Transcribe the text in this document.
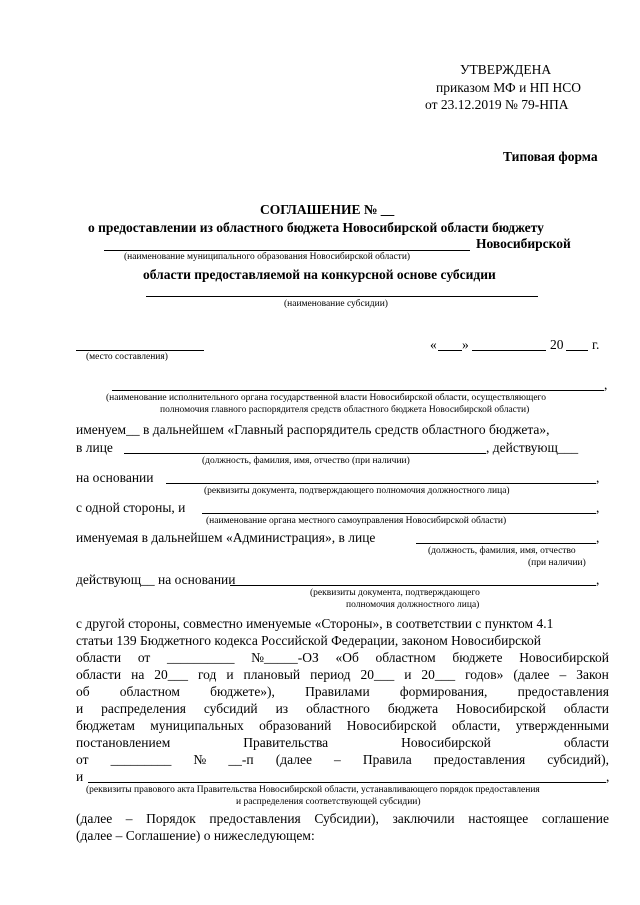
УТВЕРЖДЕНА
приказом МФ и НП НСО
от 23.12.2019 № 79-НПА
Типовая форма
СОГЛАШЕНИЕ № __
о предоставлении из областного бюджета Новосибирской области бюджету
Новосибирской
(наименование муниципального образования Новосибирской области)
области предоставляемой на конкурсной основе субсидии
(наименование субсидии)
(место составления)
« »	20 г.
,
(наименование исполнительного органа государственной власти Новосибирской области, осуществляющего
полномочия главного распорядителя средств областного бюджета Новосибирской области)
именуем__ в дальнейшем «Главный распорядитель средств областного бюджета»,
в лице	, действующ___
(должность, фамилия, имя, отчество (при наличии)
на основании	,
(реквизиты документа, подтверждающего полномочия должностного лица)
с одной стороны, и	,
(наименование органа местного самоуправления Новосибирской области)
именуемая в дальнейшем «Администрация», в лице	,
(должность, фамилия, имя, отчество
(при наличии)
действующ__ на основании	,
(реквизиты документа, подтверждающего
полномочия должностного лица)
с другой стороны, совместно именуемые «Стороны», в соответствии с пунктом 4.1
статьи 139 Бюджетного кодекса Российской Федерации, законом Новосибирской
области от __________ №_____-ОЗ «Об областном бюджете Новосибирской
области на 20___ год и плановый период 20___ и 20___ годов» (далее – Закон
об областном бюджете»), Правилами формирования, предоставления
и распределения субсидий из областного бюджета Новосибирской области
бюджетам муниципальных образований Новосибирской области, утвержденными
постановлением	Правительства	Новосибирской	области
от _________ № __-п (далее – Правила предоставления субсидий),
и	,
(реквизиты правового акта Правительства Новосибирской области, устанавливающего порядок предоставления
и распределения соответствующей субсидии)
(далее – Порядок предоставления Субсидии), заключили настоящее соглашение
(далее – Соглашение) о нижеследующем:
